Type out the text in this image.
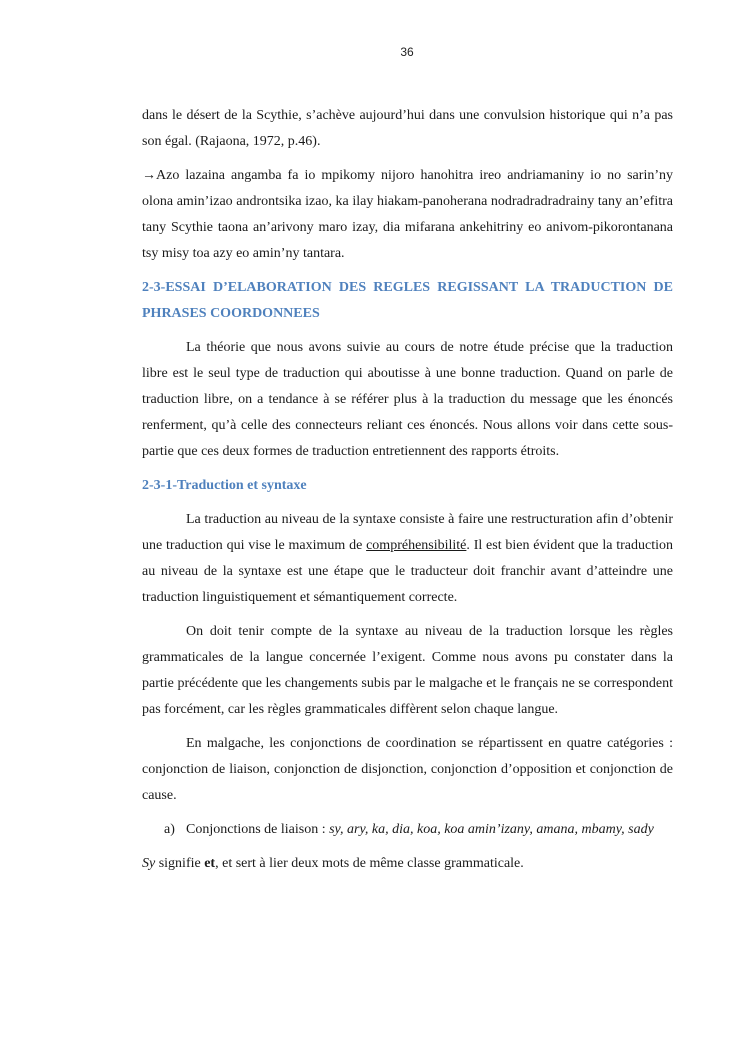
36

dans le désert de la Scythie, s’achève aujourd’hui dans une convulsion historique qui n’a pas son égal. (Rajaona, 1972, p.46).

→Azo lazaina angamba fa io mpikomy nijoro hanohitra ireo andriamaniny io no sarin’ny olona amin’izao androntsika izao, ka ilay hiakam-panoherana nodradradradrainy tany an’efitra tany Scythie taona an’arivony maro izay, dia mifarana ankehitriny eo anivom-pikorontanana tsy misy toa azy eo amin’ny tantara.

2-3-ESSAI D’ELABORATION DES REGLES REGISSANT LA TRADUCTION DE PHRASES COORDONNEES

La théorie que nous avons suivie au cours de notre étude précise que la traduction libre est le seul type de traduction qui aboutisse à une bonne traduction. Quand on parle de traduction libre, on a tendance à se référer plus à la traduction du message que les énoncés renferment, qu’à celle des connecteurs reliant ces énoncés. Nous allons voir dans cette sous-partie que ces deux formes de traduction entretiennent des rapports étroits.

2-3-1-Traduction et syntaxe

La traduction au niveau de la syntaxe consiste à faire une restructuration afin d’obtenir une traduction qui vise le maximum de compréhensibilité. Il est bien évident que la traduction au niveau de la syntaxe est une étape que le traducteur doit franchir avant d’atteindre une traduction linguistiquement et sémantiquement correcte.

On doit tenir compte de la syntaxe au niveau de la traduction lorsque les règles grammaticales de la langue concernée l’exigent. Comme nous avons pu constater dans la partie précédente que les changements subis par le malgache et le français ne se correspondent pas forcément, car les règles grammaticales diffèrent selon chaque langue.

En malgache, les conjonctions de coordination se répartissent en quatre catégories : conjonction de liaison, conjonction de disjonction, conjonction d’opposition et conjonction de cause.

a) Conjonctions de liaison : sy, ary, ka, dia, koa, koa amin’izany, amana, mbamy, sady

Sy signifie et, et sert à lier deux mots de même classe grammaticale.
